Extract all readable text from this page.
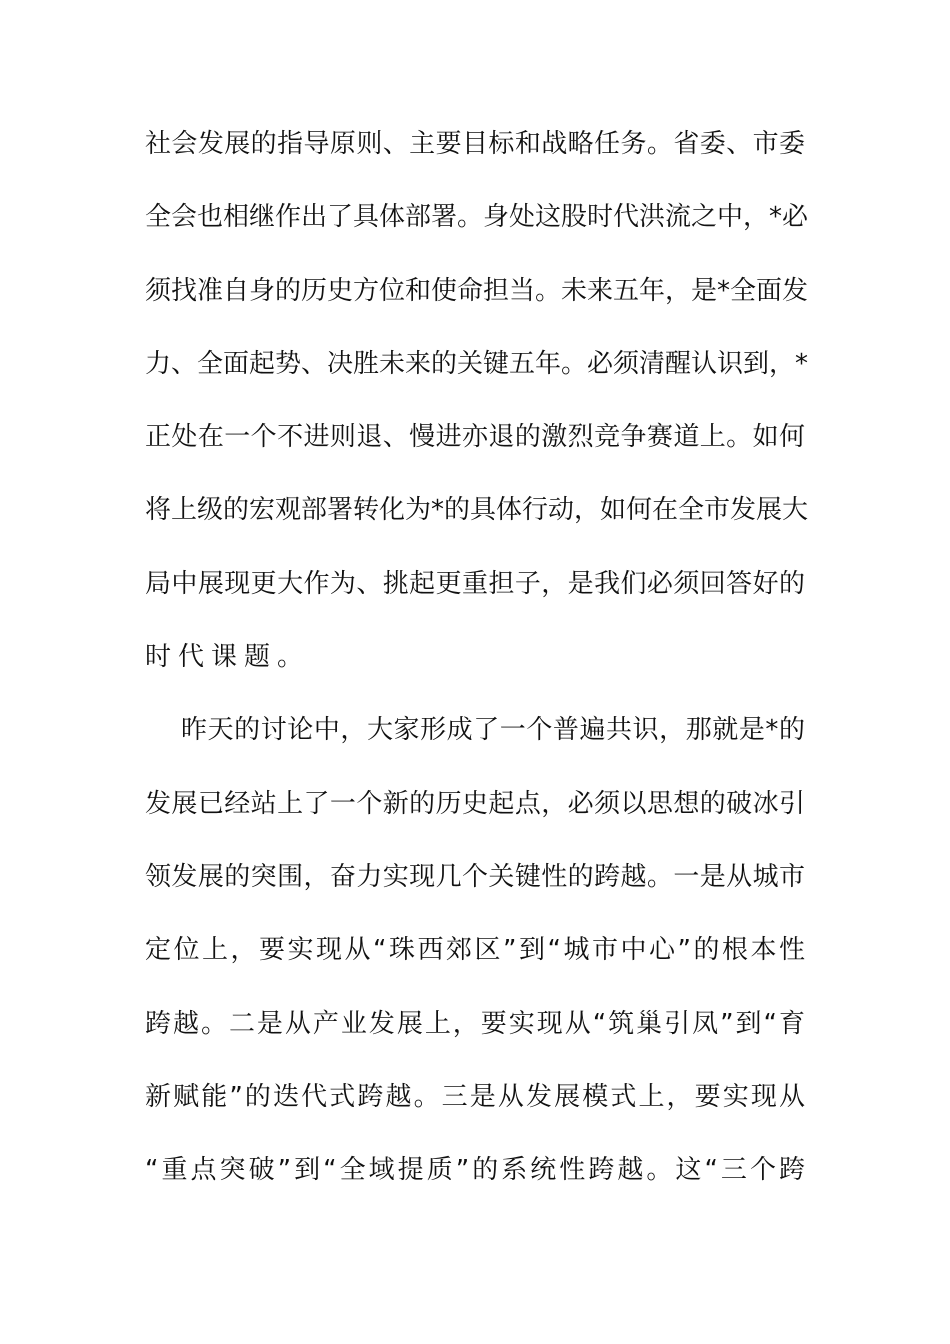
社会发展的指导原则、主要目标和战略任务。省委、市委
全会也相继作出了具体部署。身处这股时代洪流之中，*必
须找准自身的历史方位和使命担当。未来五年，是*全面发
力、全面起势、决胜未来的关键五年。必须清醒认识到，*
正处在一个不进则退、慢进亦退的激烈竞争赛道上。如何
将上级的宏观部署转化为*的具体行动，如何在全市发展大
局中展现更大作为、挑起更重担子，是我们必须回答好的
时代课题。
昨天的讨论中，大家形成了一个普遍共识，那就是*的
发展已经站上了一个新的历史起点，必须以思想的破冰引
领发展的突围，奋力实现几个关键性的跨越。一是从城市
定位上，要实现从“珠西郊区”到“城市中心”的根本性
跨越。二是从产业发展上，要实现从“筑巢引凤”到“育
新赋能”的迭代式跨越。三是从发展模式上，要实现从
“重点突破”到“全域提质”的系统性跨越。这“三个跨
